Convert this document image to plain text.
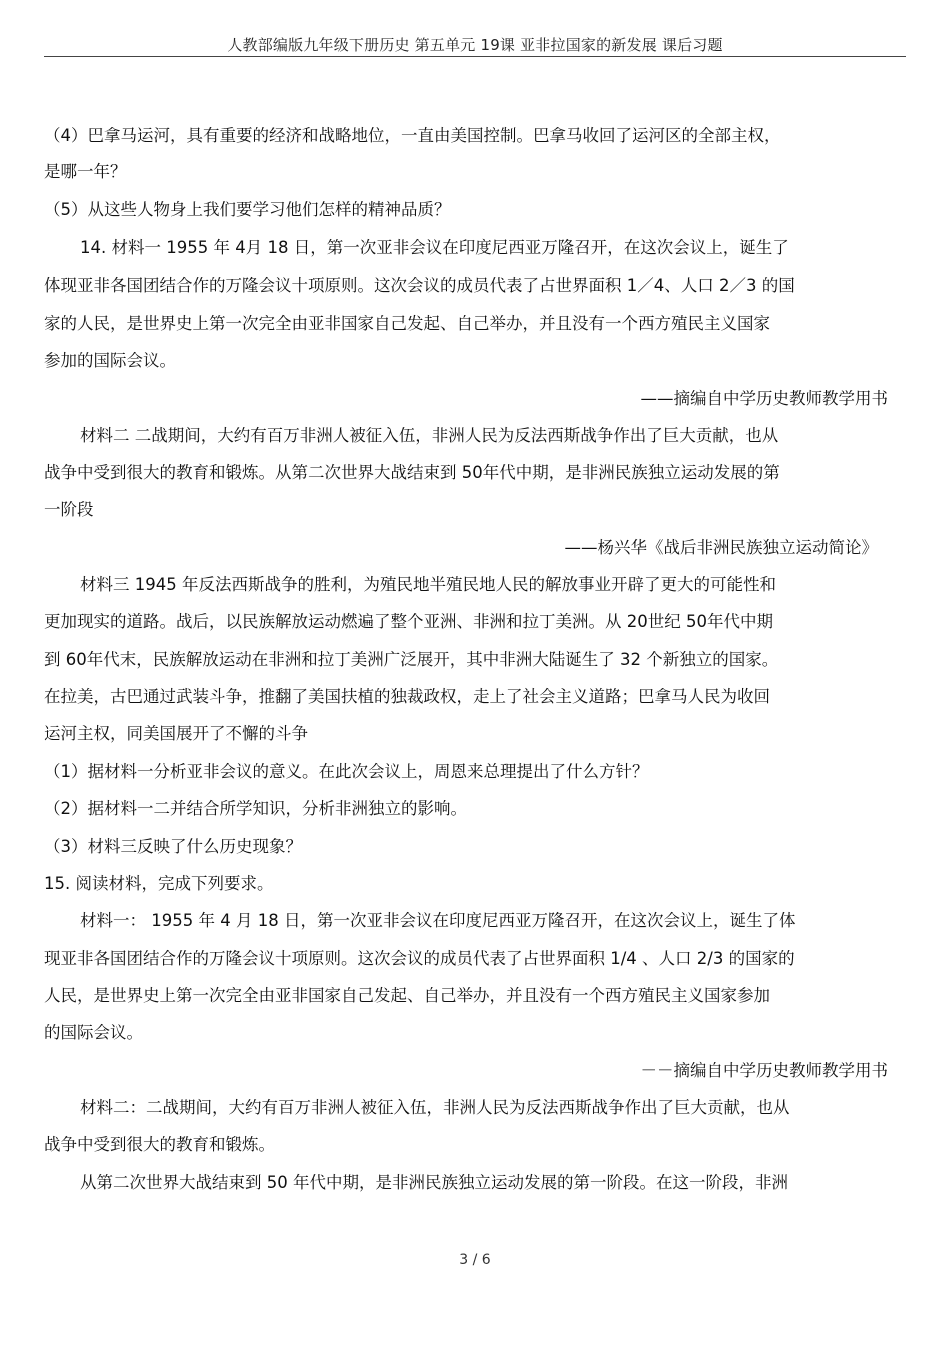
人教部编版九年级下册历史 第五单元 19课 亚非拉国家的新发展 课后习题
（4）巴拿马运河，具有重要的经济和战略地位，一直由美国控制。巴拿马收回了运河区的全部主权，
是哪一年？
（5）从这些人物身上我们要学习他们怎样的精神品质？
14. 材料一 1955 年 4月 18 日，第一次亚非会议在印度尼西亚万隆召开，在这次会议上，诞生了
体现亚非各国团结合作的万隆会议十项原则。这次会议的成员代表了占世界面积 1／4、人口 2／3 的国
家的人民，是世界史上第一次完全由亚非国家自己发起、自己举办，并且没有一个西方殖民主义国家
参加的国际会议。
——摘编自中学历史教师教学用书
材料二 二战期间，大约有百万非洲人被征入伍，非洲人民为反法西斯战争作出了巨大贡献，也从
战争中受到很大的教育和锻炼。从第二次世界大战结束到 50年代中期，是非洲民族独立运动发展的第
一阶段
——杨兴华《战后非洲民族独立运动简论》
材料三 1945 年反法西斯战争的胜利，为殖民地半殖民地人民的解放事业开辟了更大的可能性和
更加现实的道路。战后，以民族解放运动燃遍了整个亚洲、非洲和拉丁美洲。从 20世纪 50年代中期
到 60年代末，民族解放运动在非洲和拉丁美洲广泛展开，其中非洲大陆诞生了 32 个新独立的国家。
在拉美，古巴通过武装斗争，推翻了美国扶植的独裁政权，走上了社会主义道路；巴拿马人民为收回
运河主权，同美国展开了不懈的斗争
（1）据材料一分析亚非会议的意义。在此次会议上，周恩来总理提出了什么方针？
（2）据材料一二并结合所学知识，分析非洲独立的影响。
（3）材料三反映了什么历史现象？
15. 阅读材料，完成下列要求。
材料一： 1955 年 4 月 18 日，第一次亚非会议在印度尼西亚万隆召开，在这次会议上，诞生了体
现亚非各国团结合作的万隆会议十项原则。这次会议的成员代表了占世界面积 1/4 、人口 2/3 的国家的
人民，是世界史上第一次完全由亚非国家自己发起、自己举办，并且没有一个西方殖民主义国家参加
的国际会议。
－－摘编自中学历史教师教学用书
材料二：二战期间，大约有百万非洲人被征入伍，非洲人民为反法西斯战争作出了巨大贡献，也从
战争中受到很大的教育和锻炼。
从第二次世界大战结束到 50 年代中期，是非洲民族独立运动发展的第一阶段。在这一阶段，非洲
3 / 6
